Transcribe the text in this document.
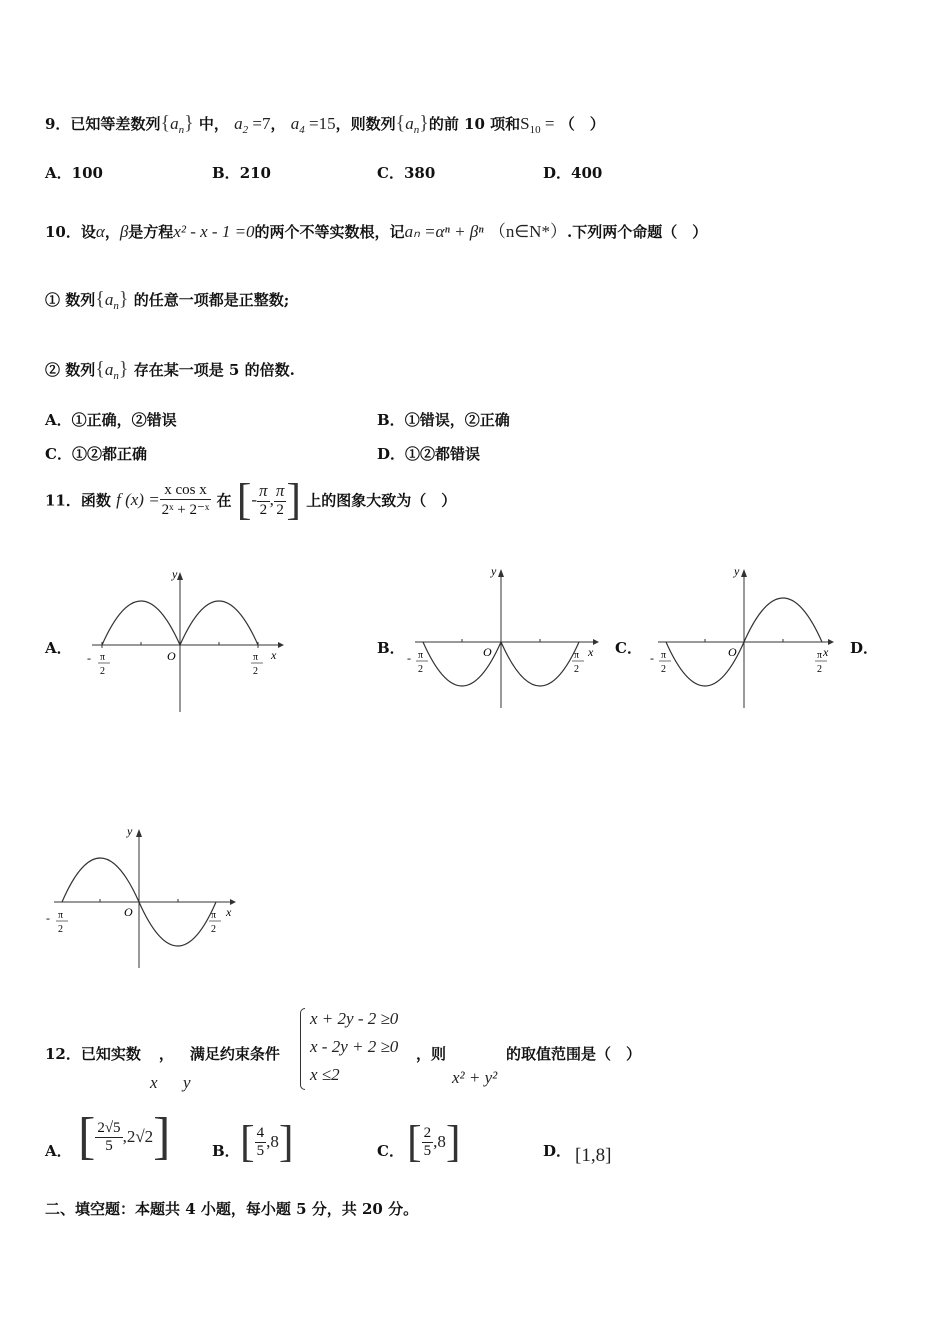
9．已知等差数列$\{a_n\}$ 中， $a_2 =7$， $a_4 =15$，则数列$\{a_n\}$的前 10 项和$S_{10}$ = （　）
A．100	B．210	C．380	D．400
10．设α，β是方程x² - x - 1 =0的两个不等实数根，记aₙ =αⁿ + βⁿ （n∈N*）.下列两个命题（　）
① 数列$\{a_n\}$ 的任意一项都是正整数;
② 数列$\{a_n\}$ 存在某一项是 5 的倍数.
A．①正确，②错误	B．①错误，②正确
C．①②都正确	D．①②都错误
11．函数 f $(x) = \frac{\text{x cos x}}{\text{2ˣ + 2⁻ˣ}}$ 在 [- $\frac{\pi}{2}$ , $\frac{\pi}{2}$ ] 上的图象大致为（　）
A．	B．	C．	D．
y
x
O
- π
2
π
2
y
x
O
- π
2
π
2
y
x
O
- π
2
π
2
y
x
O
- π
2
π
2
12．已知实数 ， 满足约束条件
x y
x + 2y - 2 ≥0
x - 2y + 2 ≥0
x ≤2
，则
x² + y²
的取值范围是（　）
A． [ $\frac{2√5}{5} ,2√2$]	B． [ $\frac{4}{5} ,8$]	C． [ $\frac{2}{5} ,8$]	D． [1,8]
二、填空题：本题共 4 小题，每小题 5 分，共 20 分。
